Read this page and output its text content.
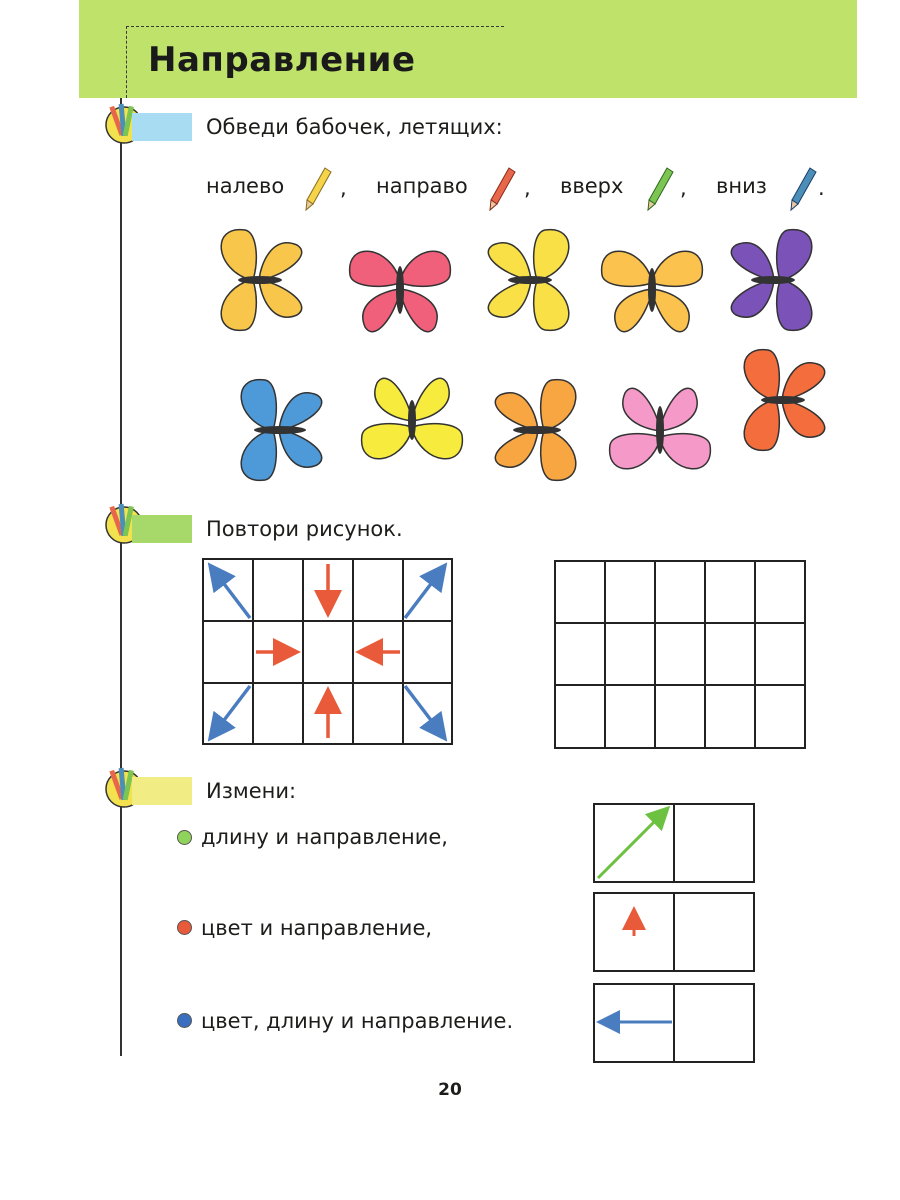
Направление
Обведи бабочек, летящих:
налево	, направо	, вверх	, вниз .
Повтори рисунок.
Измени:
длину и направление,
цвет и направление,
цвет, длину и направление.
20
